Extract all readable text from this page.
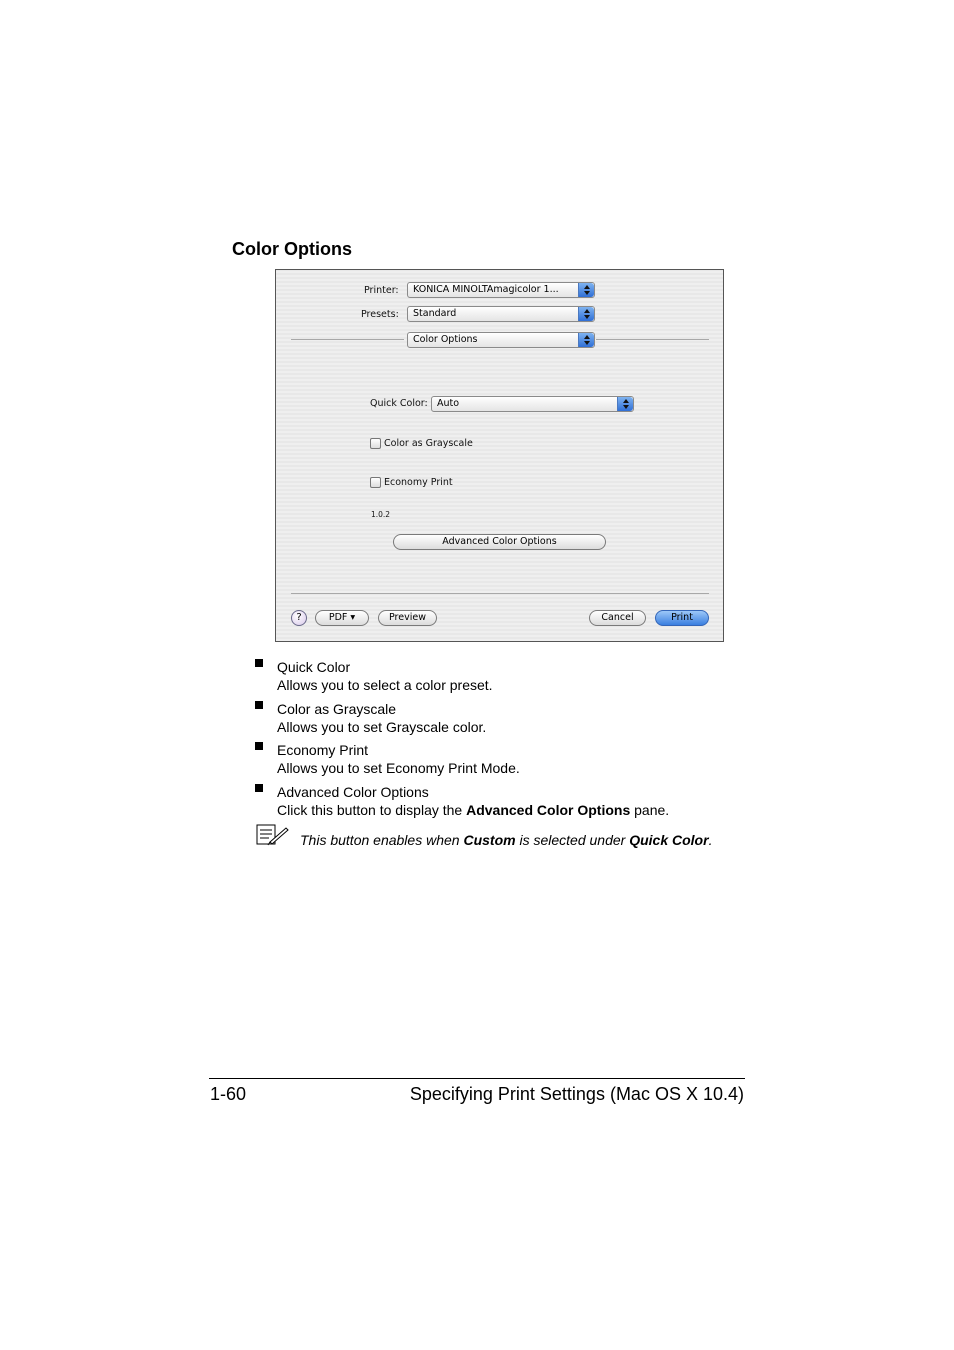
Color Options
Printer:	KONICA MINOLTAmagicolor 1...
Presets:	Standard
Color Options
Quick Color: Auto
Color as Grayscale
Economy Print
1.0.2
Advanced Color Options
?	PDF ▾	Preview	Cancel	Print
Quick Color
Allows you to select a color preset.
Color as Grayscale
Allows you to set Grayscale color.
Economy Print
Allows you to set Economy Print Mode.
Advanced Color Options
Click this button to display the Advanced Color Options pane.
This button enables when Custom is selected under Quick Color.
1-60	Specifying Print Settings (Mac OS X 10.4)
